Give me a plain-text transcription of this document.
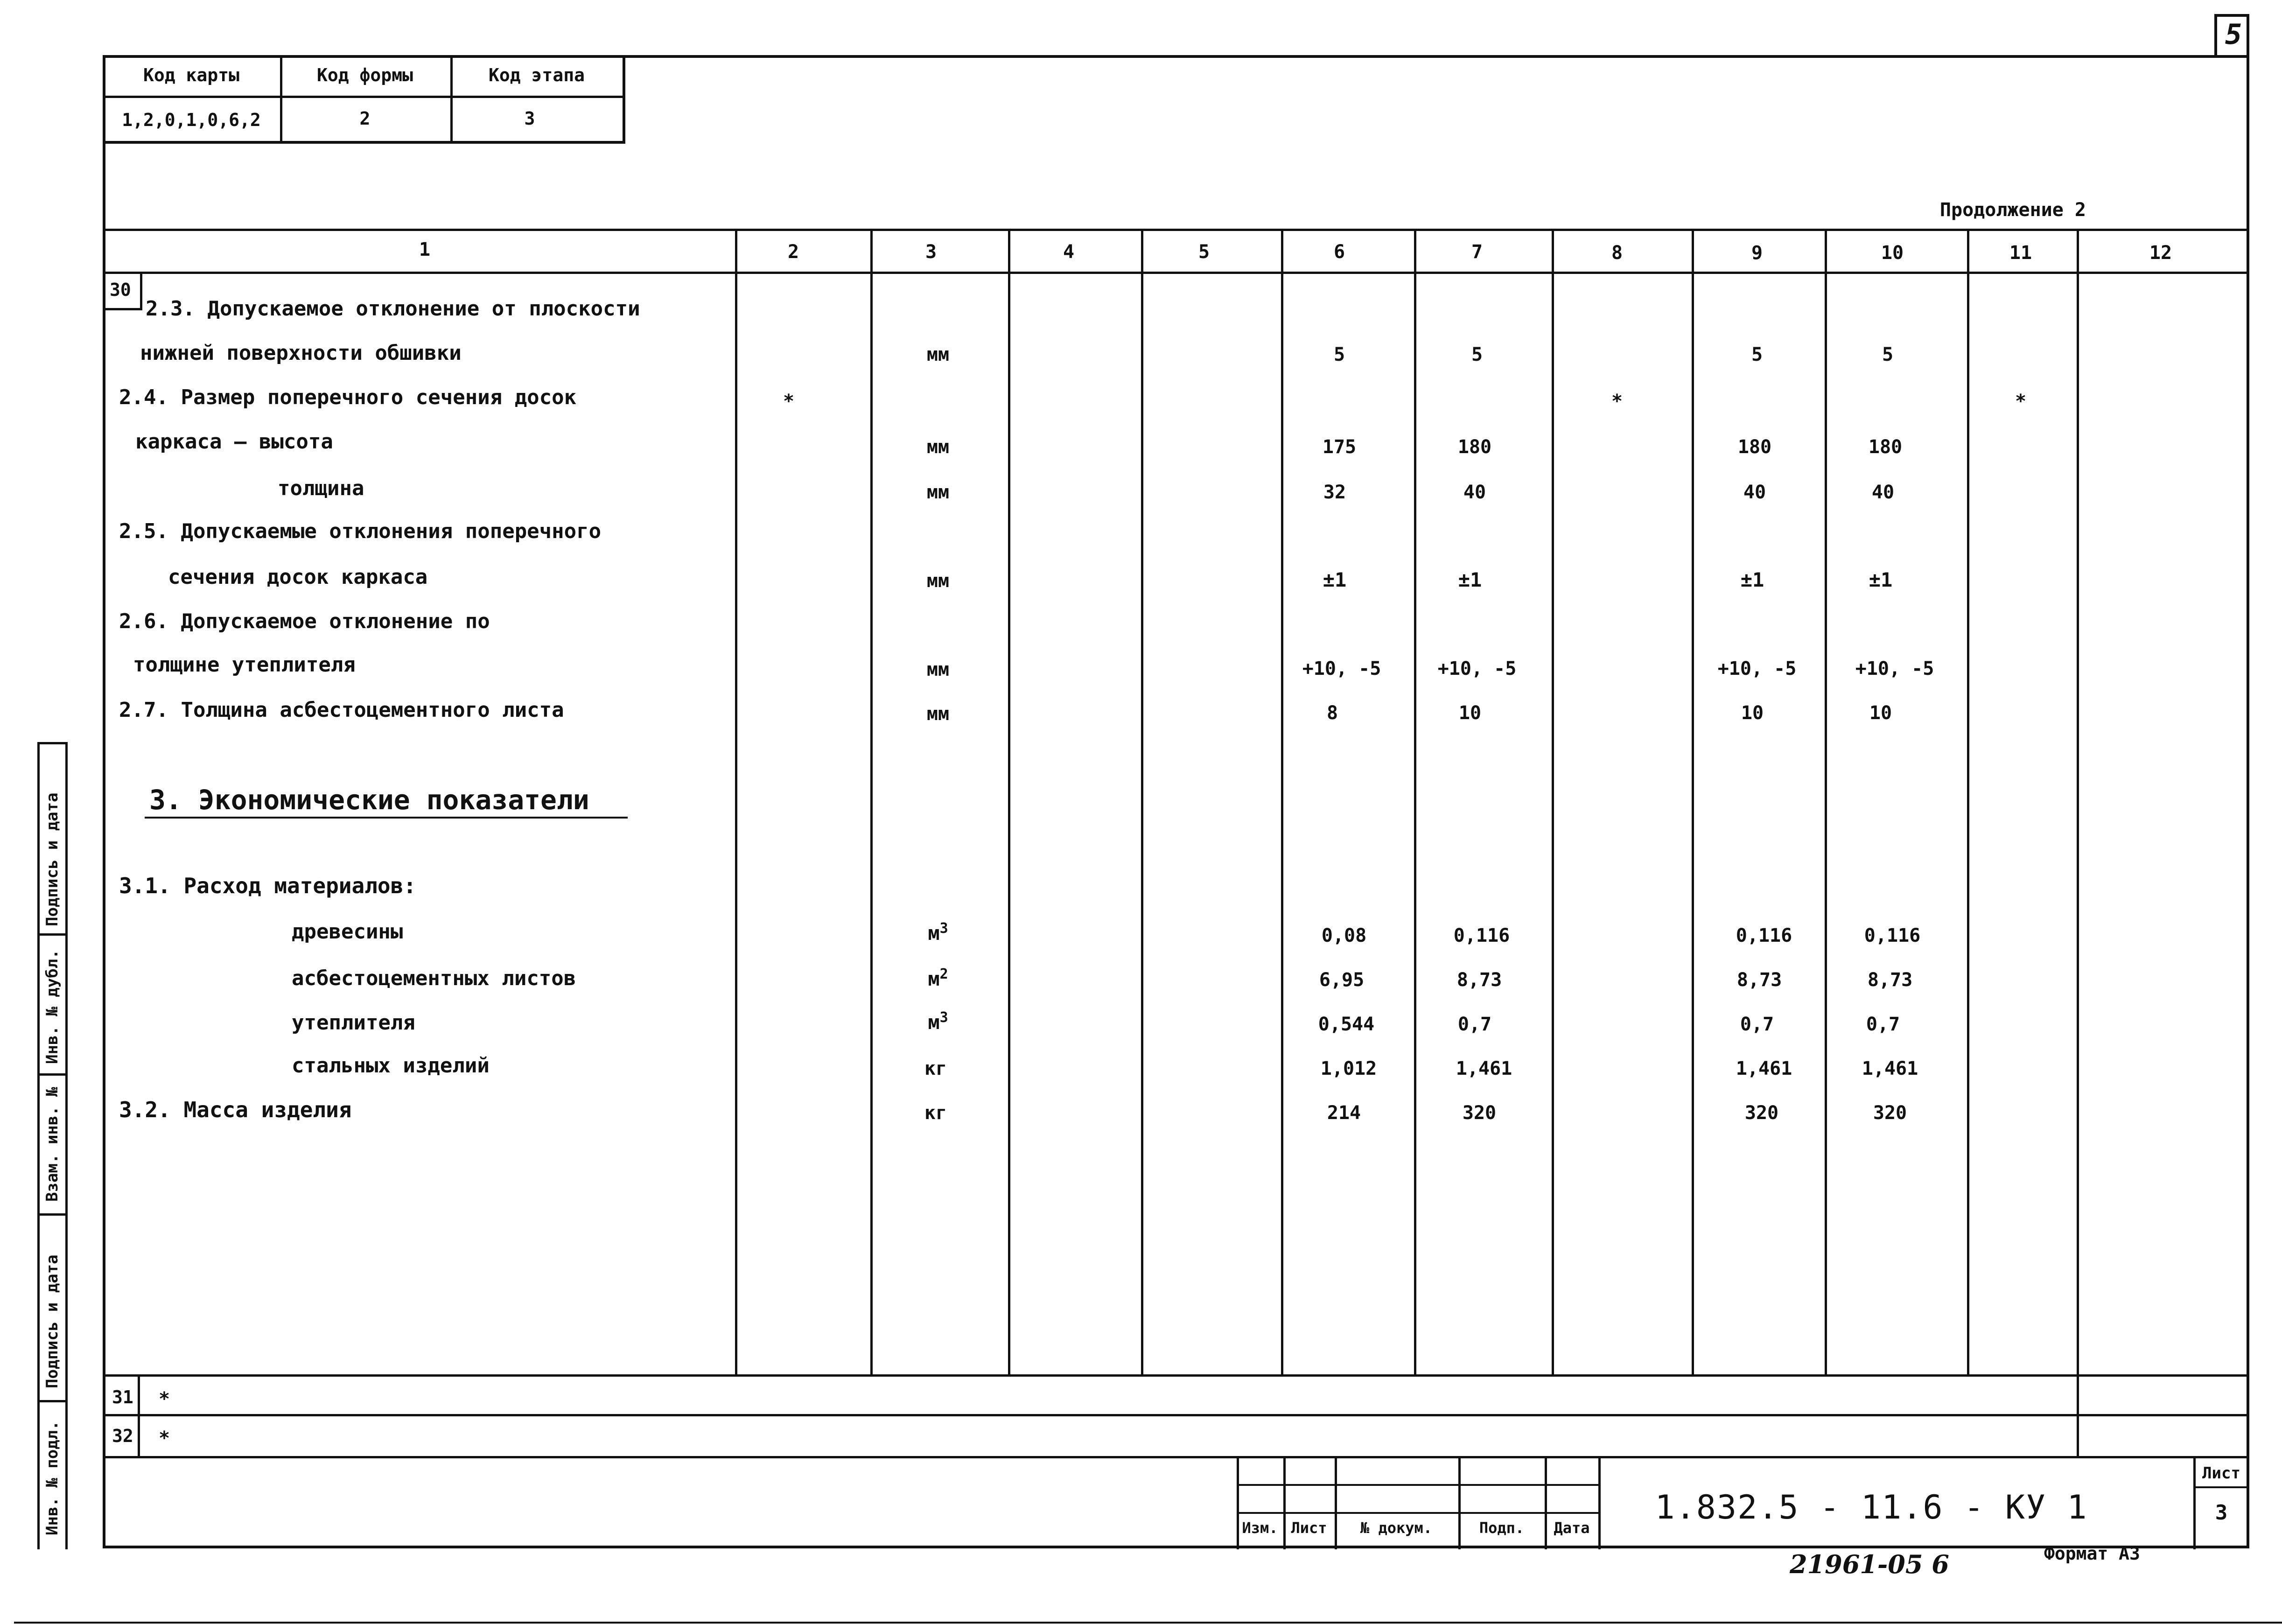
5
Инв. № подл.
Подпись и дата
Взам. инв. №
Инв. № дубл.
Подпись и дата
Код карты	Код формы	Код этапа
1,2,0,1,0,6,2	2	3
Продолжение 2
1	2	3	4	5	6	7	8	9	10	11	12
30
2.3. Допускаемое отклонение от плоскости
нижней поверхности обшивки	мм	5	5	5	5
2.4. Размер поперечного сечения досок	*	*	*
каркаса – высота	мм	175	180	180	180
толщина	мм	32	40	40	40
2.5. Допускаемые отклонения поперечного
сечения досок каркаса	мм	±1	±1	±1	±1
2.6. Допускаемое отклонение по
толщине утеплителя	мм	+10, -5	+10, -5	+10, -5	+10, -5
2.7. Толщина асбестоцементного листа	мм	8	10	10	10
3. Экономические показатели
3.1. Расход материалов:
древесины	$м^3$	0,08	0,116	0,116	0,116
асбестоцементных листов	$м^2$	6,95	8,73	8,73	8,73
утеплителя	$м^3$	0,544	0,7	0,7	0,7
стальных изделий	кг	1,012	1,461	1,461	1,461
3.2. Масса изделия	кг	214	320	320	320
31 *
32 *
Изм. Лист № докум.	Подп. Дата
1.832.5 - 11.6 - КУ 1
Лист
3
21961-05 6	Формат А3
